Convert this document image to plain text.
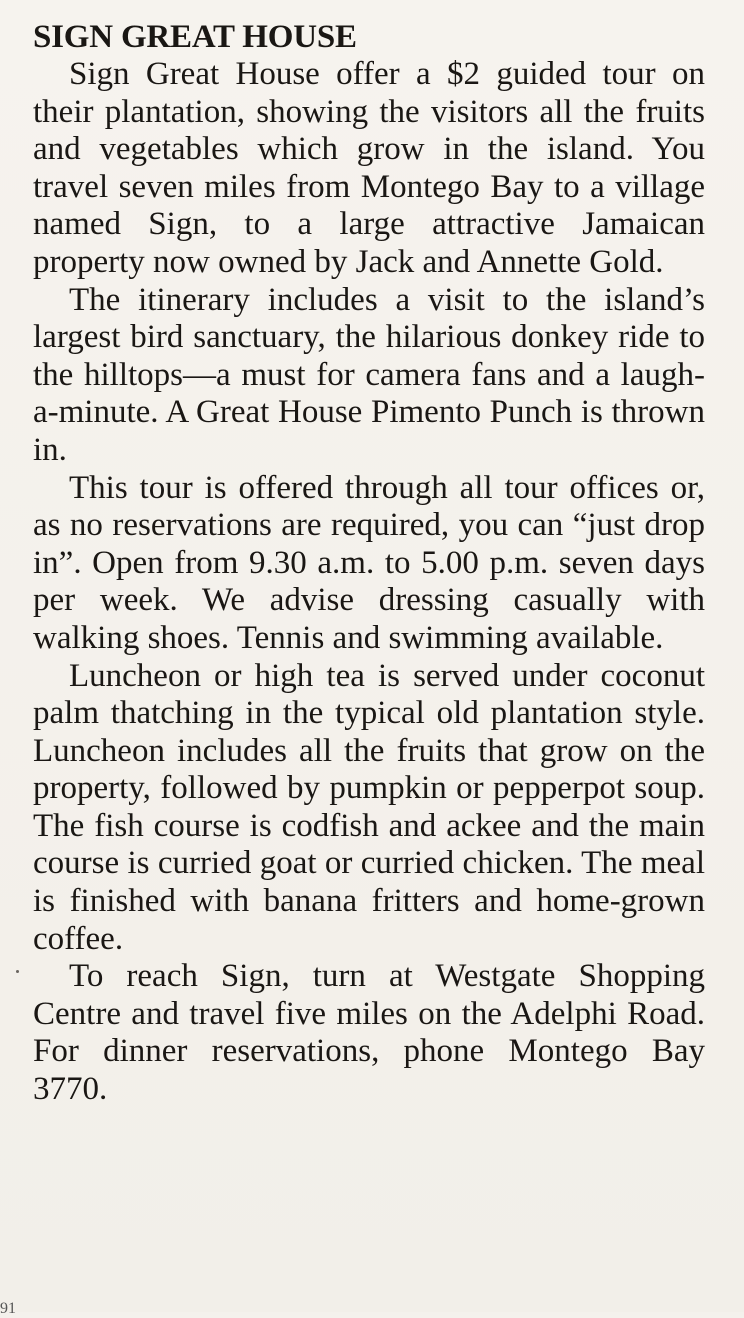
SIGN GREAT HOUSE

Sign Great House offer a $2 guided tour on their plantation, showing the visitors all the fruits and vegetables which grow in the island. You travel seven miles from Montego Bay to a village named Sign, to a large attractive Jamaican property now owned by Jack and Annette Gold.

The itinerary includes a visit to the island’s largest bird sanctuary, the hilarious donkey ride to the hilltops—a must for camera fans and a laugh-a-minute. A Great House Pimento Punch is thrown in.

This tour is offered through all tour offices or, as no reservations are required, you can “just drop in”. Open from 9.30 a.m. to 5.00 p.m. seven days per week. We advise dressing casually with walking shoes. Tennis and swimming available.

Luncheon or high tea is served under coconut palm thatching in the typical old plantation style. Luncheon includes all the fruits that grow on the property, followed by pumpkin or pepperpot soup. The fish course is codfish and ackee and the main course is curried goat or curried chicken. The meal is finished with banana fritters and home-grown coffee.

To reach Sign, turn at Westgate Shopping Centre and travel five miles on the Adelphi Road. For dinner reservations, phone Montego Bay 3770.

91
